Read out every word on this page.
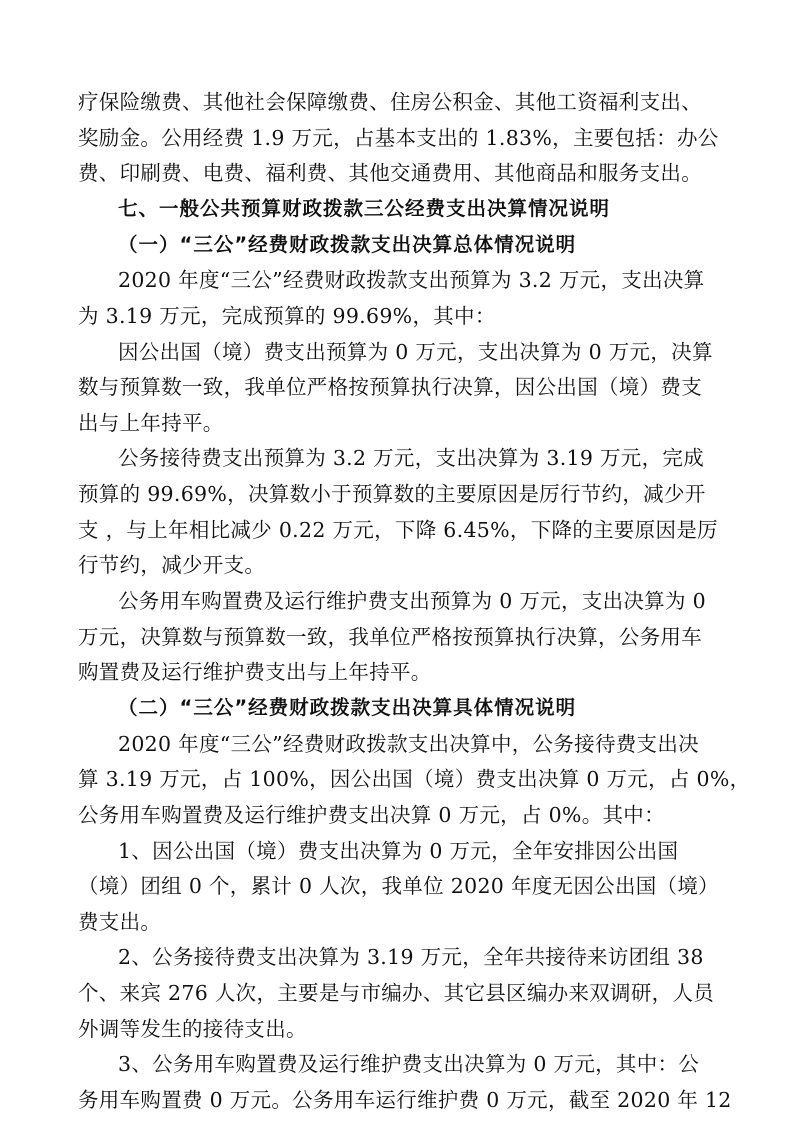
疗保险缴费、其他社会保障缴费、住房公积金、其他工资福利支出、
奖励金。公用经费 1.9 万元，占基本支出的 1.83%，主要包括：办公
费、印刷费、电费、福利费、其他交通费用、其他商品和服务支出。
七、一般公共预算财政拨款三公经费支出决算情况说明
（一）“三公”经费财政拨款支出决算总体情况说明
2020 年度“三公”经费财政拨款支出预算为 3.2 万元，支出决算
为 3.19 万元，完成预算的 99.69%，其中：
因公出国（境）费支出预算为 0 万元，支出决算为 0 万元，决算
数与预算数一致，我单位严格按预算执行决算，因公出国（境）费支
出与上年持平。
公务接待费支出预算为 3.2 万元，支出决算为 3.19 万元，完成
预算的 99.69%，决算数小于预算数的主要原因是厉行节约，减少开
支 ，与上年相比减少 0.22 万元，下降 6.45%，下降的主要原因是厉
行节约，减少开支。
公务用车购置费及运行维护费支出预算为 0 万元，支出决算为 0
万元，决算数与预算数一致，我单位严格按预算执行决算，公务用车
购置费及运行维护费支出与上年持平。
（二）“三公”经费财政拨款支出决算具体情况说明
2020 年度“三公”经费财政拨款支出决算中，公务接待费支出决
算 3.19 万元，占 100%，因公出国（境）费支出决算 0 万元，占 0%，
公务用车购置费及运行维护费支出决算 0 万元，占 0%。其中：
1、因公出国（境）费支出决算为 0 万元，全年安排因公出国
（境）团组 0 个，累计 0 人次，我单位 2020 年度无因公出国（境）
费支出。
2、公务接待费支出决算为 3.19 万元，全年共接待来访团组 38
个、来宾 276 人次，主要是与市编办、其它县区编办来双调研，人员
外调等发生的接待支出。
3、公务用车购置费及运行维护费支出决算为 0 万元，其中：公
务用车购置费 0 万元。公务用车运行维护费 0 万元，截至 2020 年 12
